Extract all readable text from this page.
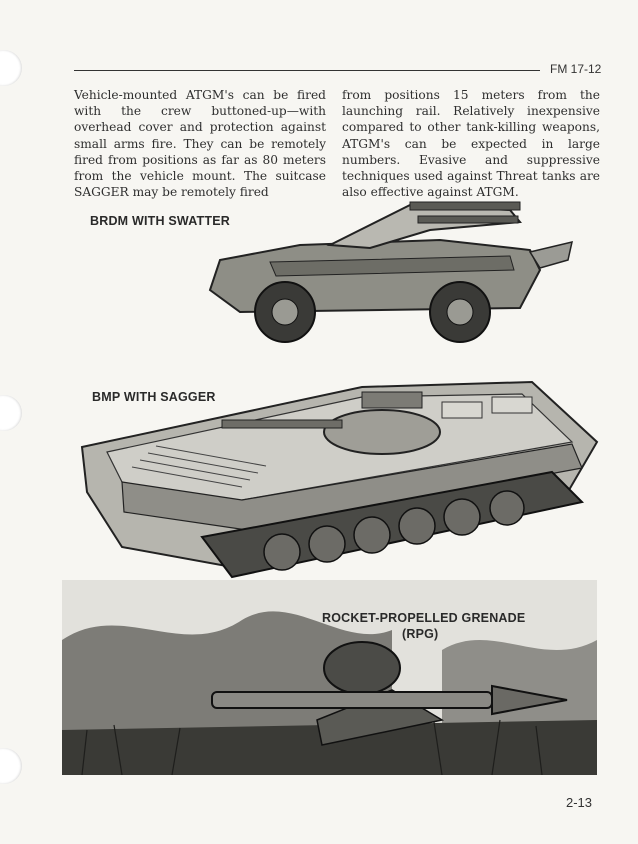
FM 17-12
Vehicle-mounted ATGM's can be fired with the crew buttoned-up—with overhead cover and protection against small arms fire. They can be remotely fired from positions as far as 80 meters from the vehicle mount. The suitcase SAGGER may be remotely fired
from positions 15 meters from the launching rail. Relatively inexpensive compared to other tank-killing weapons, ATGM's can be expected in large numbers. Evasive and suppressive techniques used against Threat tanks are also effective against ATGM.
BRDM WITH SWATTER
BMP WITH SAGGER
ROCKET-PROPELLED GRENADE
(RPG)
2-13
